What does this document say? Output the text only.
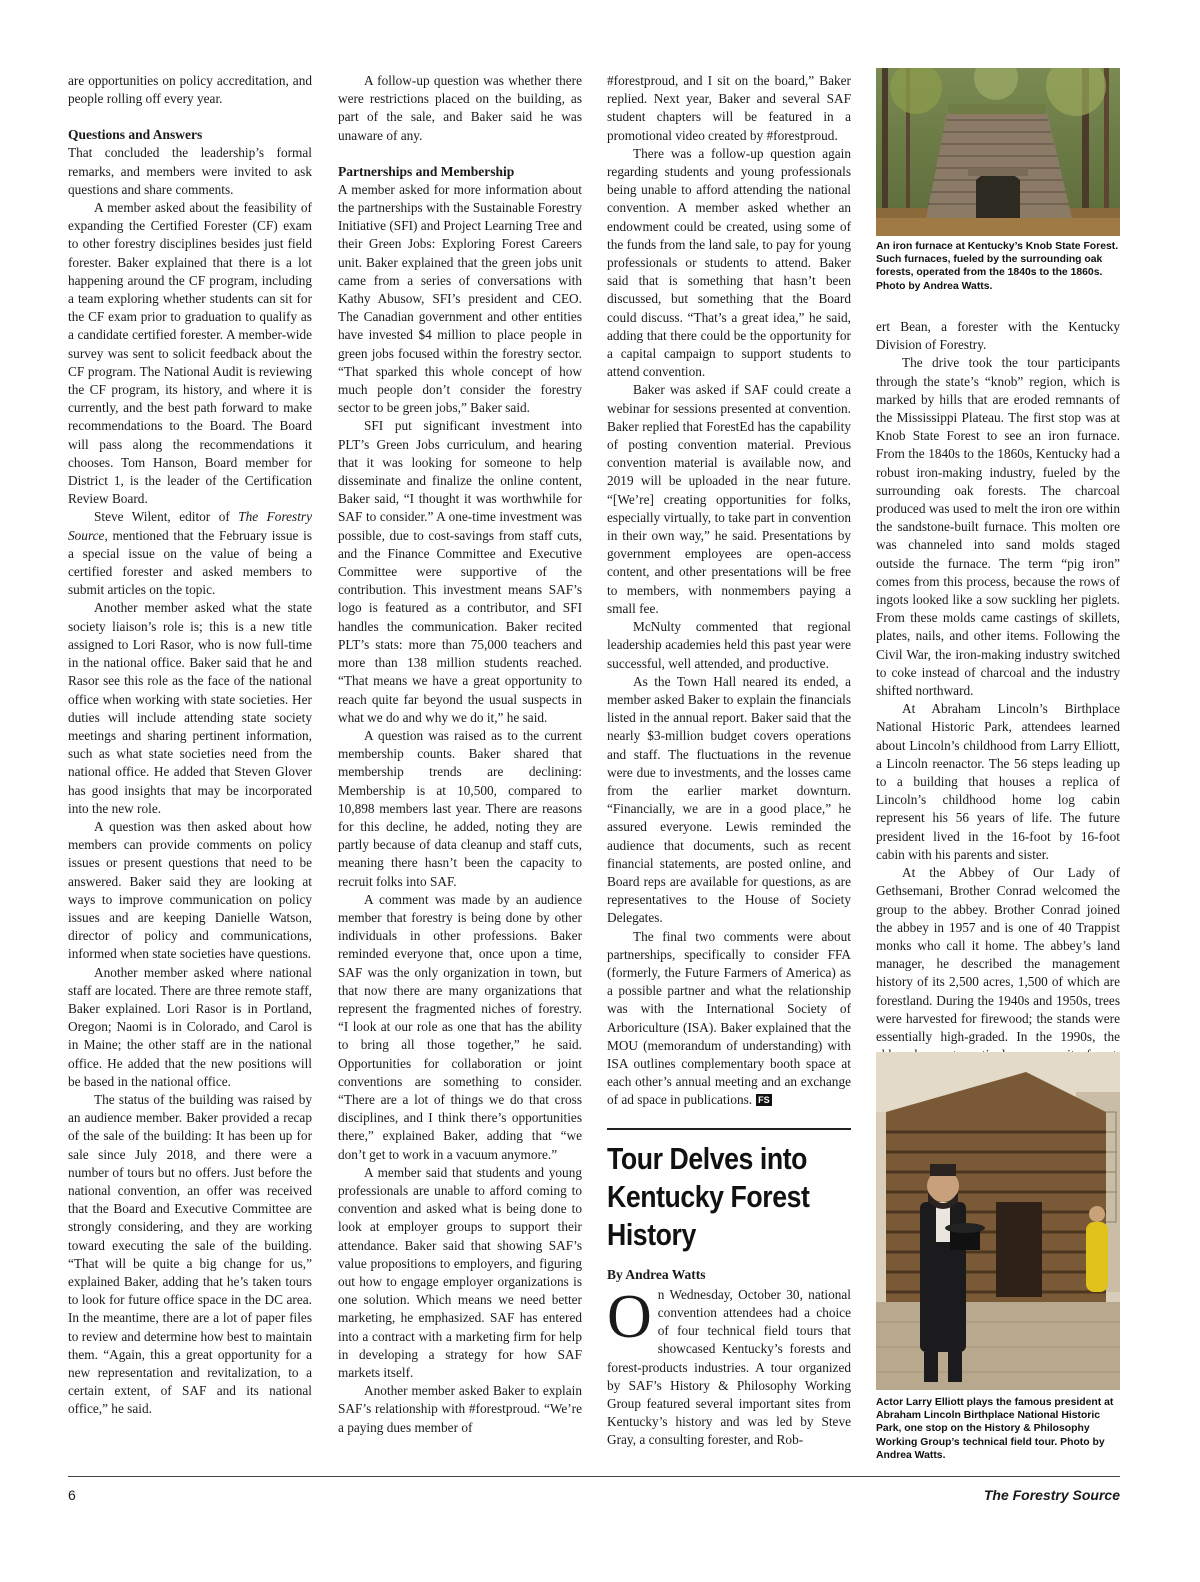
are opportunities on policy accreditation, and people rolling off every year.

Questions and Answers

That concluded the leadership’s formal remarks, and members were invited to ask questions and share comments.

A member asked about the feasibility of expanding the Certified Forester (CF) exam to other forestry disciplines besides just field forester. Baker explained that there is a lot happening around the CF program, including a team exploring whether students can sit for the CF exam prior to graduation to qualify as a candidate certified forester. A member-wide survey was sent to solicit feedback about the CF program. The National Audit is reviewing the CF program, its history, and where it is currently, and the best path forward to make recommendations to the Board. The Board will pass along the recommendations it chooses. Tom Hanson, Board member for District 1, is the leader of the Certification Review Board.

Steve Wilent, editor of The Forestry Source, mentioned that the February issue is a special issue on the value of being a certified forester and asked members to submit articles on the topic.

Another member asked what the state society liaison’s role is; this is a new title assigned to Lori Rasor, who is now full-time in the national office. Baker said that he and Rasor see this role as the face of the national office when working with state societies. Her duties will include attending state society meetings and sharing pertinent information, such as what state societies need from the national office. He added that Steven Glover has good insights that may be incorporated into the new role.

A question was then asked about how members can provide comments on policy issues or present questions that need to be answered. Baker said they are looking at ways to improve communication on policy issues and are keeping Danielle Watson, director of policy and communications, informed when state societies have questions.

Another member asked where national staff are located. There are three remote staff, Baker explained. Lori Rasor is in Portland, Oregon; Naomi is in Colorado, and Carol is in Maine; the other staff are in the national office. He added that the new positions will be based in the national office.

The status of the building was raised by an audience member. Baker provided a recap of the sale of the building: It has been up for sale since July 2018, and there were a number of tours but no offers. Just before the national convention, an offer was received that the Board and Executive Committee are strongly considering, and they are working toward executing the sale of the building. “That will be quite a big change for us,” explained Baker, adding that he’s taken tours to look for future office space in the DC area. In the meantime, there are a lot of paper files to review and determine how best to maintain them. “Again, this a great opportunity for a new representation and revitalization, to a certain extent, of SAF and its national office,” he said.

A follow-up question was whether there were restrictions placed on the building, as part of the sale, and Baker said he was unaware of any.

Partnerships and Membership

A member asked for more information about the partnerships with the Sustainable Forestry Initiative (SFI) and Project Learning Tree and their Green Jobs: Exploring Forest Careers unit. Baker explained that the green jobs unit came from a series of conversations with Kathy Abusow, SFI’s president and CEO. The Canadian government and other entities have invested $4 million to place people in green jobs focused within the forestry sector. “That sparked this whole concept of how much people don’t consider the forestry sector to be green jobs,” Baker said.

SFI put significant investment into PLT’s Green Jobs curriculum, and hearing that it was looking for someone to help disseminate and finalize the online content, Baker said, “I thought it was worthwhile for SAF to consider.” A one-time investment was possible, due to cost-savings from staff cuts, and the Finance Committee and Executive Committee were supportive of the contribution. This investment means SAF’s logo is featured as a contributor, and SFI handles the communication. Baker recited PLT’s stats: more than 75,000 teachers and more than 138 million students reached. “That means we have a great opportunity to reach quite far beyond the usual suspects in what we do and why we do it,” he said.

A question was raised as to the current membership counts. Baker shared that membership trends are declining: Membership is at 10,500, compared to 10,898 members last year. There are reasons for this decline, he added, noting they are partly because of data cleanup and staff cuts, meaning there hasn’t been the capacity to recruit folks into SAF.

A comment was made by an audience member that forestry is being done by other individuals in other professions. Baker reminded everyone that, once upon a time, SAF was the only organization in town, but that now there are many organizations that represent the fragmented niches of forestry. “I look at our role as one that has the ability to bring all those together,” he said. Opportunities for collaboration or joint conventions are something to consider. “There are a lot of things we do that cross disciplines, and I think there’s opportunities there,” explained Baker, adding that “we don’t get to work in a vacuum anymore.”

A member said that students and young professionals are unable to afford coming to convention and asked what is being done to look at employer groups to support their attendance. Baker said that showing SAF’s value propositions to employers, and figuring out how to engage employer organizations is one solution. Which means we need better marketing, he emphasized. SAF has entered into a contract with a marketing firm for help in developing a strategy for how SAF markets itself.

Another member asked Baker to explain SAF’s relationship with #forestproud. “We’re a paying dues member of

#forestproud, and I sit on the board,” Baker replied. Next year, Baker and several SAF student chapters will be featured in a promotional video created by #forestproud.

There was a follow-up question again regarding students and young professionals being unable to afford attending the national convention. A member asked whether an endowment could be created, using some of the funds from the land sale, to pay for young professionals or students to attend. Baker said that is something that hasn’t been discussed, but something that the Board could discuss. “That’s a great idea,” he said, adding that there could be the opportunity for a capital campaign to support students to attend convention.

Baker was asked if SAF could create a webinar for sessions presented at convention. Baker replied that ForestEd has the capability of posting convention material. Previous convention material is available now, and 2019 will be uploaded in the near future. “[We’re] creating opportunities for folks, especially virtually, to take part in convention in their own way,” he said. Presentations by government employees are open-access content, and other presentations will be free to members, with nonmembers paying a small fee.

McNulty commented that regional leadership academies held this past year were successful, well attended, and productive.

As the Town Hall neared its ended, a member asked Baker to explain the financials listed in the annual report. Baker said that the nearly $3-million budget covers operations and staff. The fluctuations in the revenue were due to investments, and the losses came from the earlier market downturn. “Financially, we are in a good place,” he assured everyone. Lewis reminded the audience that documents, such as recent financial statements, are posted online, and Board reps are available for questions, as are representatives to the House of Society Delegates.

The final two comments were about partnerships, specifically to consider FFA (formerly, the Future Farmers of America) as a possible partner and what the relationship was with the International Society of Arboriculture (ISA). Baker explained that the MOU (memorandum of understanding) with ISA outlines complementary booth space at each other’s annual meeting and an exchange of ad space in publications. FS

Tour Delves into Kentucky Forest History
By Andrea Watts

On Wednesday, October 30, national convention attendees had a choice of four technical field tours that showcased Kentucky’s forests and forest-products industries. A tour organized by SAF’s History & Philosophy Working Group featured several important sites from Kentucky’s history and was led by Steve Gray, a consulting forester, and Rob-

An iron furnace at Kentucky’s Knob State Forest. Such furnaces, fueled by the surrounding oak forests, operated from the 1840s to the 1860s. Photo by Andrea Watts.

ert Bean, a forester with the Kentucky Division of Forestry.

The drive took the tour participants through the state’s “knob” region, which is marked by hills that are eroded remnants of the Mississippi Plateau. The first stop was at Knob State Forest to see an iron furnace. From the 1840s to the 1860s, Kentucky had a robust iron-making industry, fueled by the surrounding oak forests. The charcoal produced was used to melt the iron ore within the sandstone-built furnace. This molten ore was channeled into sand molds staged outside the furnace. The term “pig iron” comes from this process, because the rows of ingots looked like a sow suckling her piglets. From these molds came castings of skillets, plates, nails, and other items. Following the Civil War, the iron-making industry switched to coke instead of charcoal and the industry shifted northward.

At Abraham Lincoln’s Birthplace National Historic Park, attendees learned about Lincoln’s childhood from Larry Elliott, a Lincoln reenactor. The 56 steps leading up to a building that houses a replica of Lincoln’s childhood home log cabin represent his 56 years of life. The future president lived in the 16-foot by 16-foot cabin with his parents and sister.

At the Abbey of Our Lady of Gethsemani, Brother Conrad welcomed the group to the abbey. Brother Conrad joined the abbey in 1957 and is one of 40 Trappist monks who call it home. The abbey’s land manager, he described the management history of its 2,500 acres, 1,500 of which are forestland. During the 1940s and 1950s, trees were harvested for firewood; the stands were essentially high-graded. In the 1990s, the

Actor Larry Elliott plays the famous president at Abraham Lincoln Birthplace National Historic Park, one stop on the History & Philosophy Working Group’s technical field tour. Photo by Andrea Watts.
6	The Forestry Source
